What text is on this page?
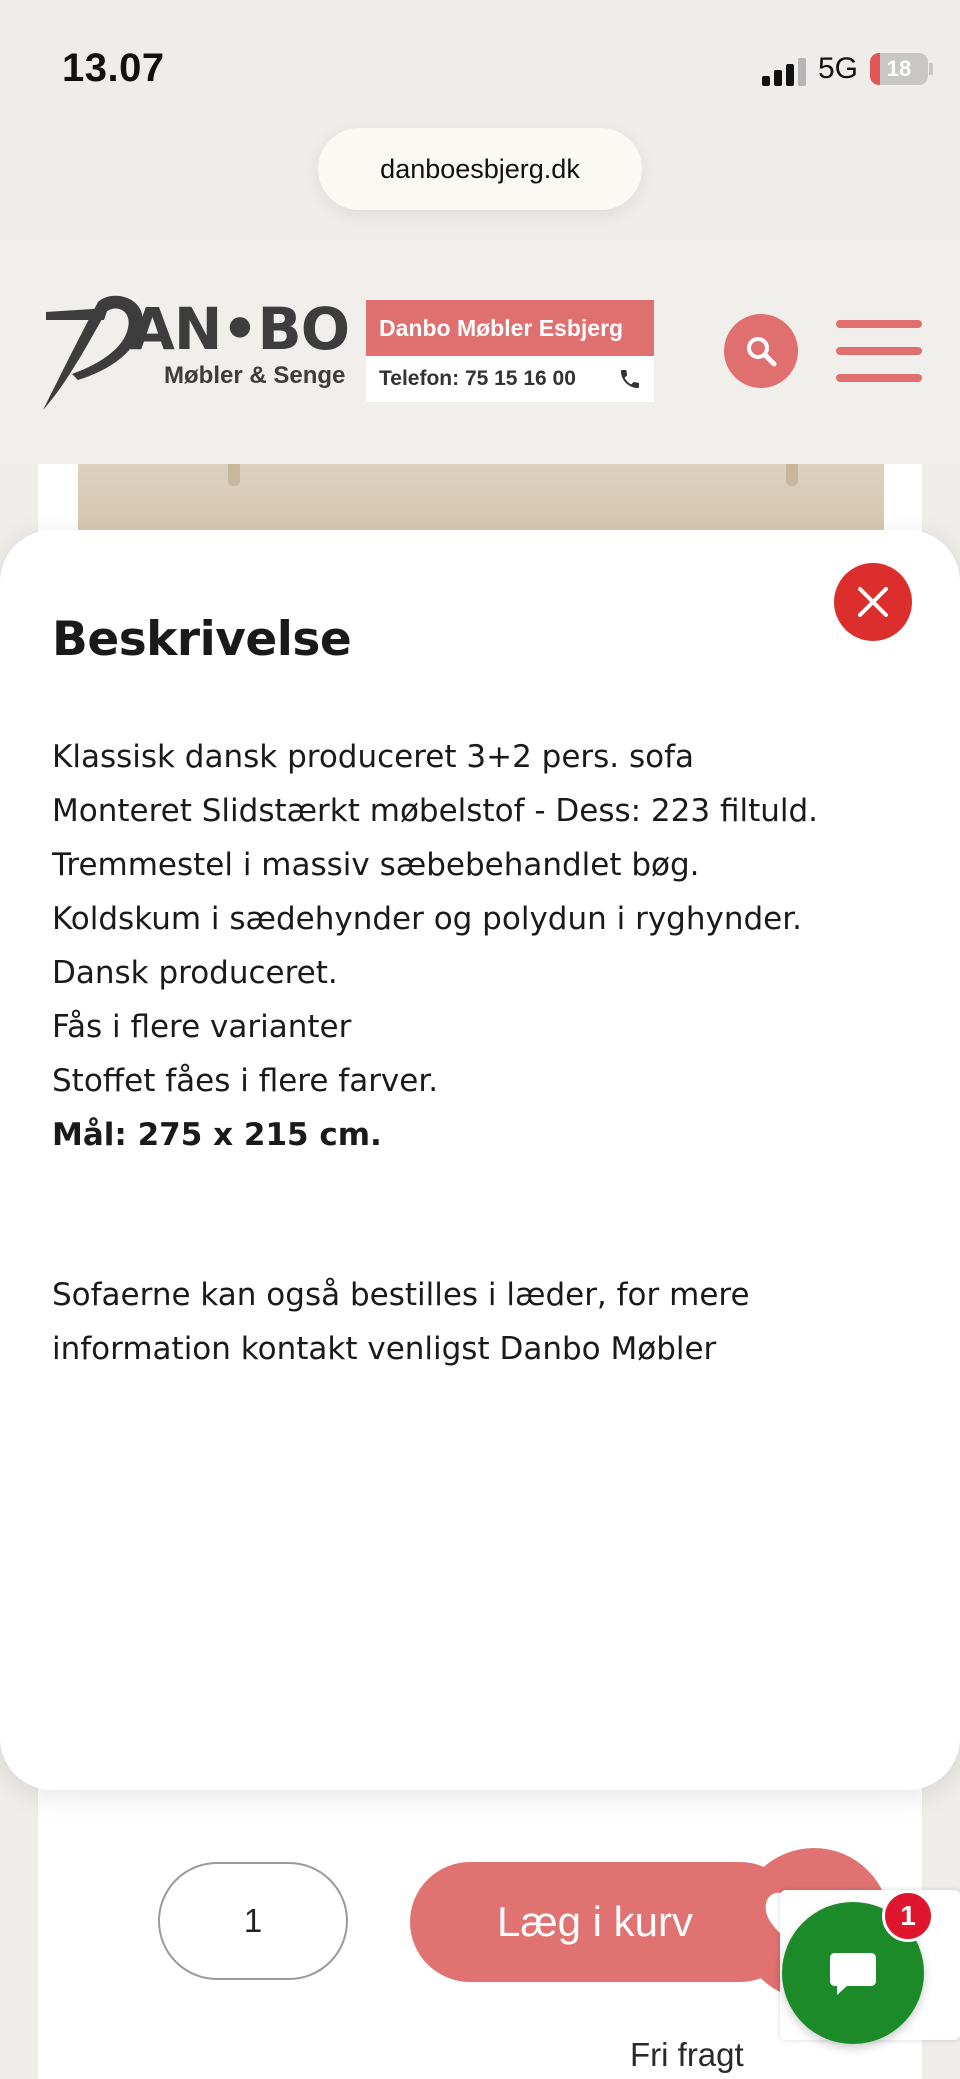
13.07	5G	18
danboesbjerg.dk
AN•BO
Møbler & Senge
Danbo Møbler Esbjerg
Telefon: 75 15 16 00
Beskrivelse

Klassisk dansk produceret 3+2 pers. sofa

Monteret Slidstærkt møbelstof - Dess: 223 filtuld.

Tremmestel i massiv sæbebehandlet bøg.

Koldskum i sædehynder og polydun i ryghynder.

Dansk produceret.

Fås i flere varianter

Stoffet fåes i flere farver.

Mål: 275 x 215 cm.

Sofaerne kan også bestilles i læder, for mere

information kontakt venligst Danbo Møbler

1	Læg i kurv	1
Fri fragt
